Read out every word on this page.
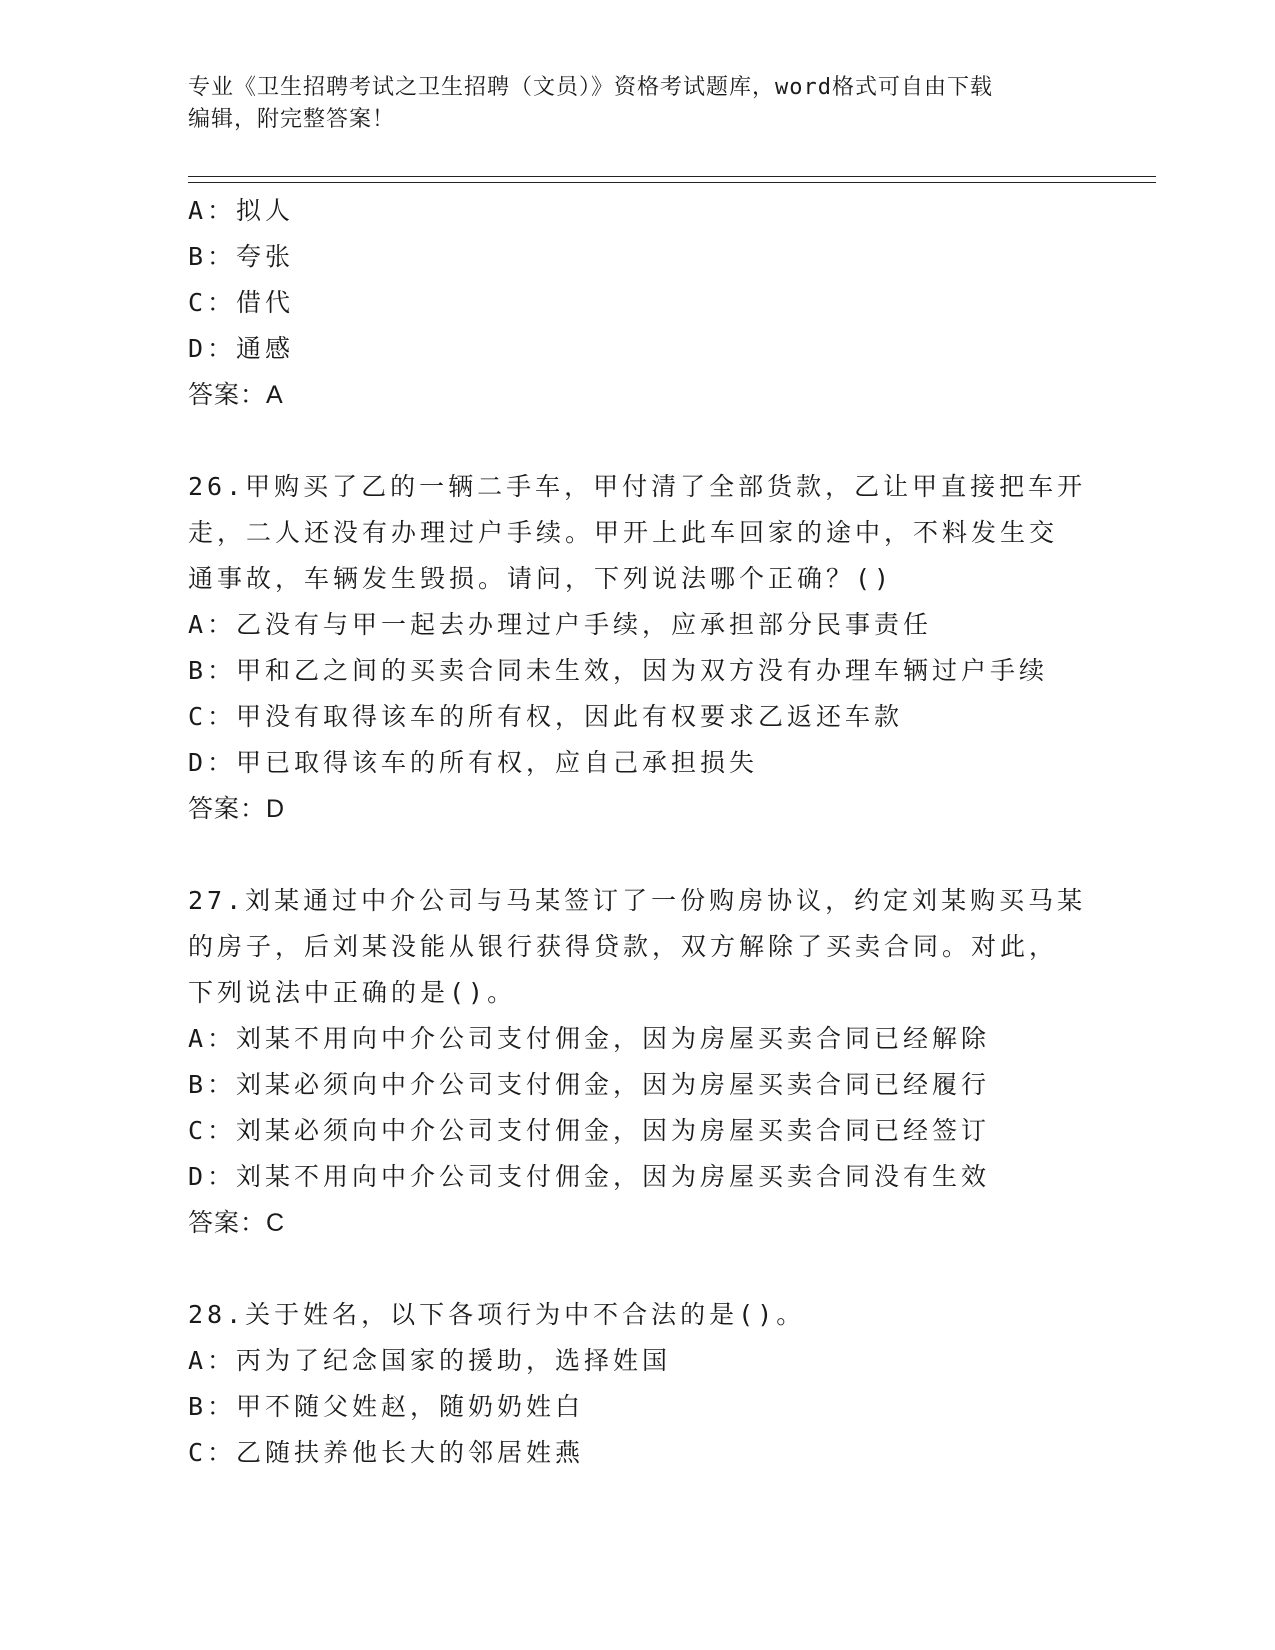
专业《卫生招聘考试之卫生招聘（文员）》资格考试题库，word格式可自由下载
编辑，附完整答案！
A：拟人
B：夸张
C：借代
D：通感
答案：A
26.甲购买了乙的一辆二手车，甲付清了全部货款，乙让甲直接把车开
走，二人还没有办理过户手续。甲开上此车回家的途中，不料发生交
通事故，车辆发生毁损。请问，下列说法哪个正确？()
A：乙没有与甲一起去办理过户手续，应承担部分民事责任
B：甲和乙之间的买卖合同未生效，因为双方没有办理车辆过户手续
C：甲没有取得该车的所有权，因此有权要求乙返还车款
D：甲已取得该车的所有权，应自己承担损失
答案：D
27.刘某通过中介公司与马某签订了一份购房协议，约定刘某购买马某
的房子，后刘某没能从银行获得贷款，双方解除了买卖合同。对此，
下列说法中正确的是()。
A：刘某不用向中介公司支付佣金，因为房屋买卖合同已经解除
B：刘某必须向中介公司支付佣金，因为房屋买卖合同已经履行
C：刘某必须向中介公司支付佣金，因为房屋买卖合同已经签订
D：刘某不用向中介公司支付佣金，因为房屋买卖合同没有生效
答案：C
28.关于姓名，以下各项行为中不合法的是()。
A：丙为了纪念国家的援助，选择姓国
B：甲不随父姓赵，随奶奶姓白
C：乙随扶养他长大的邻居姓燕
